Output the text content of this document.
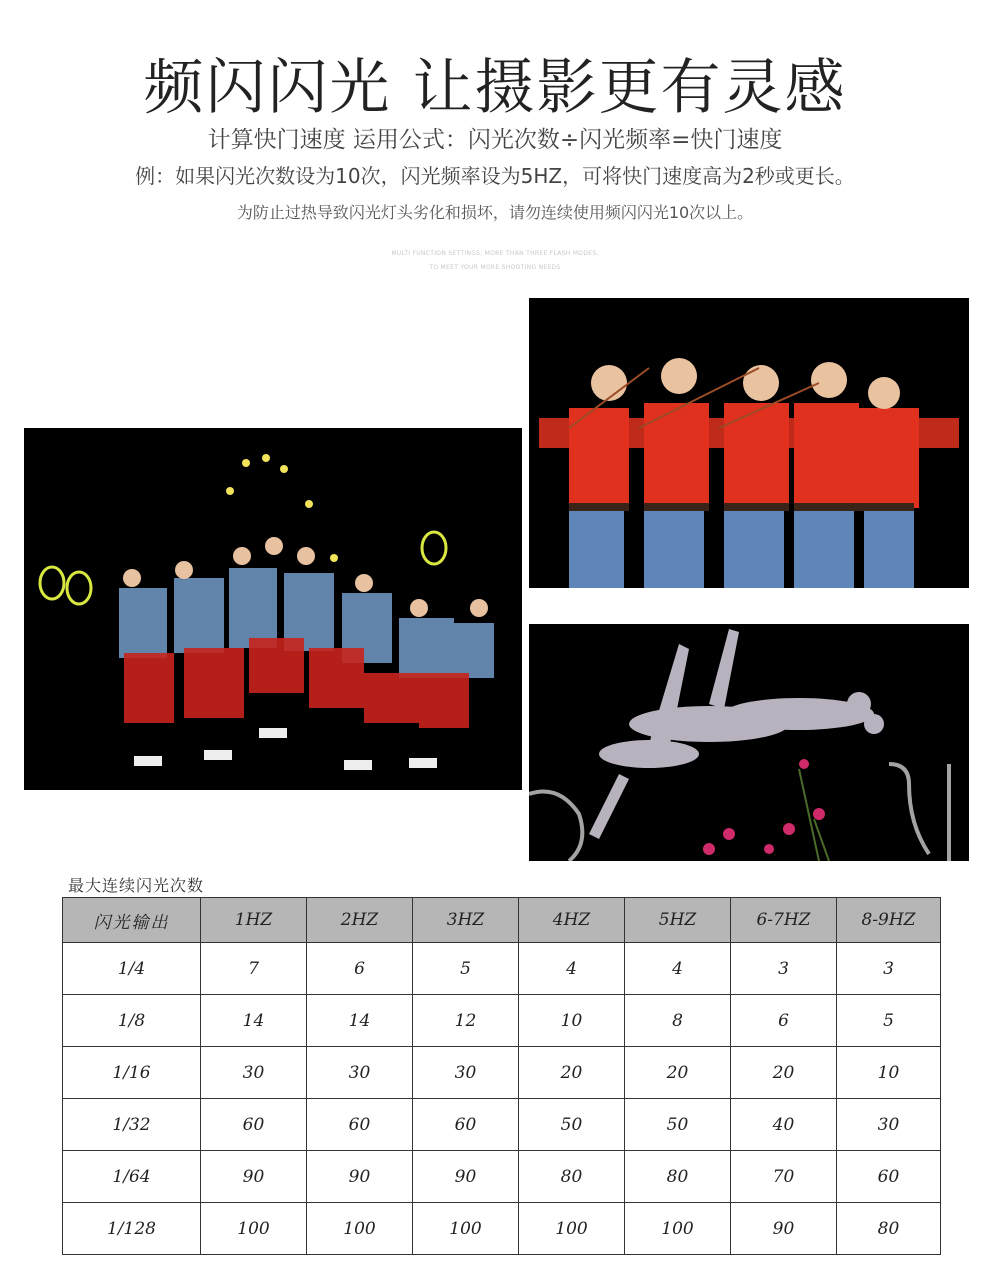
频闪闪光 让摄影更有灵感
计算快门速度 运用公式：闪光次数÷闪光频率=快门速度
例：如果闪光次数设为10次，闪光频率设为5HZ，可将快门速度高为2秒或更长。
为防止过热导致闪光灯头劣化和损坏，请勿连续使用频闪闪光10次以上。
MULTI FUNCTION SETTINGS, MORE THAN THREE FLASH MODES,
TO MEET YOUR MORE SHOOTING NEEDS
最大连续闪光次数
闪光输出	1HZ	2HZ	3HZ	4HZ	5HZ	6-7HZ	8-9HZ
1/4	7	6	5	4	4	3	3
1/8	14	14	12	10	8	6	5
1/16	30	30	30	20	20	20	10
1/32	60	60	60	50	50	40	30
1/64	90	90	90	80	80	70	60
1/128	100	100	100	100	100	90	80
